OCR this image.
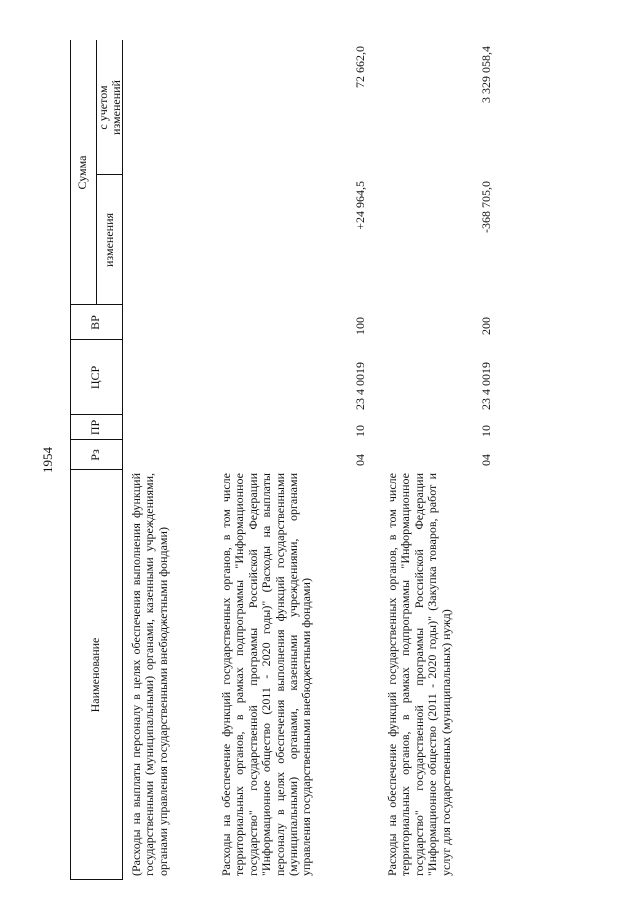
1954
Наименование
Рз
ПР
ЦСР
ВР
Сумма
изменения
с учетом изменений
(Расходы на выплаты персоналу в целях обеспечения выполнения функций государственными (муниципальными) органами, казенными учреждениями, органами управления государственными внебюджетными фондами)	Расходы на обеспечение функций государственных органов, в том числе территориальных органов, в рамках подпрограммы "Информационное государство" государственной программы Российской Федерации "Информационное общество (2011 - 2020 годы)" (Расходы на выплаты персоналу в целях обеспечения выполнения функций государственными (муниципальными) органами, казенными учреждениями, органами управления государственными внебюджетными фондами)
04
10
23 4 0019
100
+24 964,5
72 662,0
Расходы на обеспечение функций государственных органов, в том числе территориальных органов, в рамках подпрограммы "Информационное государство" государственной программы Российской Федерации "Информационное общество (2011 - 2020 годы)" (Закупка товаров, работ и услуг для государственных (муниципальных) нужд)
04
10
23 4 0019
200
-368 705,0
3 329 058,4
